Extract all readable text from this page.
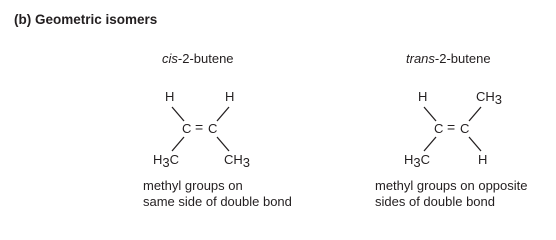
(b) Geometric isomers
cis-2-butene	trans-2-butene
H	H
C = C
H3C	CH3
H	CH3
C = C
H3C	H
methyl groups on
same side of double bond
methyl groups on opposite
sides of double bond
